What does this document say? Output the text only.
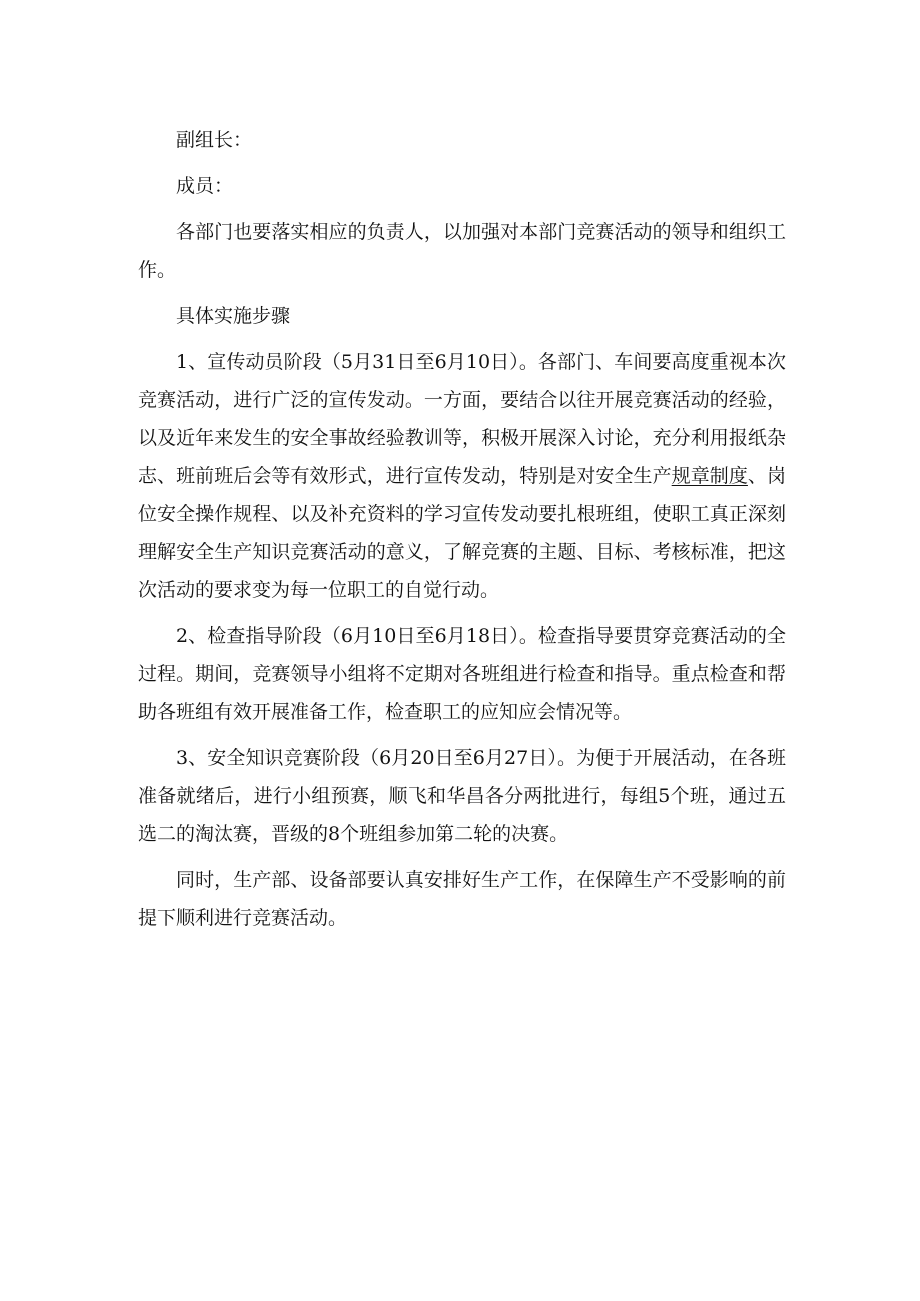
副组长：

成员：

各部门也要落实相应的负责人，以加强对本部门竞赛活动的领导和组织工作。

具体实施步骤

1、宣传动员阶段（5月31日至6月10日）。各部门、车间要高度重视本次竞赛活动，进行广泛的宣传发动。一方面，要结合以往开展竞赛活动的经验，以及近年来发生的安全事故经验教训等，积极开展深入讨论，充分利用报纸杂志、班前班后会等有效形式，进行宣传发动，特别是对安全生产规章制度、岗位安全操作规程、以及补充资料的学习宣传发动要扎根班组，使职工真正深刻理解安全生产知识竞赛活动的意义，了解竞赛的主题、目标、考核标准，把这次活动的要求变为每一位职工的自觉行动。

2、检查指导阶段（6月10日至6月18日）。检查指导要贯穿竞赛活动的全过程。期间，竞赛领导小组将不定期对各班组进行检查和指导。重点检查和帮助各班组有效开展准备工作，检查职工的应知应会情况等。

3、安全知识竞赛阶段（6月20日至6月27日）。为便于开展活动，在各班准备就绪后，进行小组预赛，顺飞和华昌各分两批进行，每组5个班，通过五选二的淘汰赛，晋级的8个班组参加第二轮的决赛。

同时，生产部、设备部要认真安排好生产工作，在保障生产不受影响的前提下顺利进行竞赛活动。
